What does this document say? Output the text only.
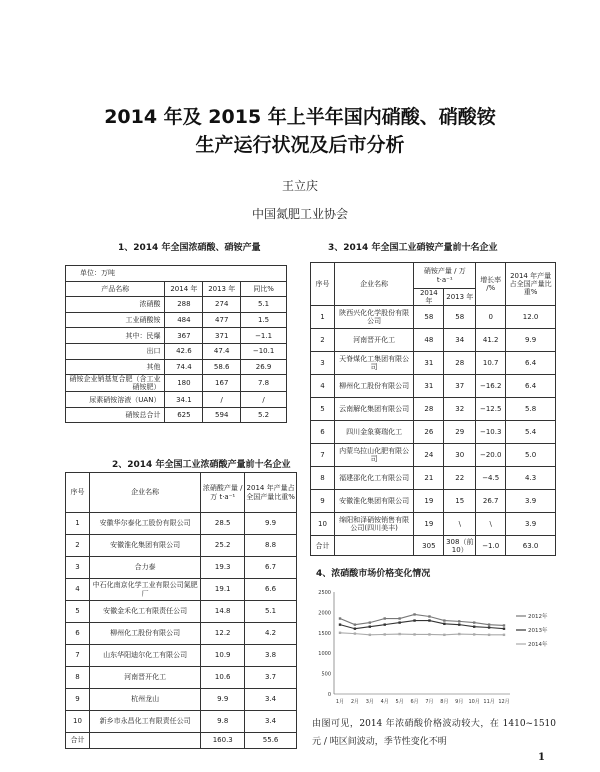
2014 年及 2015 年上半年国内硝酸、硝酸铵
生产运行状况及后市分析
王立庆
中国氮肥工业协会
1、2014 年全国浓硝酸、硝铵产量
单位：万吨			
产品名称	2014 年	2013 年	同比%
浓硝酸	288	274	5.1
工业硝酸铵	484	477	1.5
其中：民爆	367	371	−1.1
出口	42.6	47.4	−10.1
其他	74.4	58.6	26.9
硝铵企业销基复合肥（含工业硝铵肥）	180	167	7.8
尿素硝铵溶液（UAN）	34.1	/	/
硝铵总合计	625	594	5.2
2、2014 年全国工业浓硝酸产量前十名企业
序号	企业名称	浓硝酸产量 / 万 t·a⁻¹	2014 年产量占全国产量比重%
1	安徽华尔泰化工股份有限公司	28.5	9.9
2	安徽淮化集团有限公司	25.2	8.8
3	合力泰	19.3	6.7
4	中石化南京化学工业有限公司氮肥厂	19.1	6.6
5	安徽金禾化工有限责任公司	14.8	5.1
6	柳州化工股份有限公司	12.2	4.2
7	山东华阳迪尔化工有限公司	10.9	3.8
8	河南晋开化工	10.6	3.7
9	杭州龙山	9.9	3.4
10	新乡市永昌化工有限责任公司	9.8	3.4
合计		160.3	55.6
3、2014 年全国工业硝铵产量前十名企业
序号	企业名称	硝铵产量 / 万 t·a⁻¹		增长率 /%	2014 年产量占全国产量比重%
		2014 年	2013 年		
1	陕西兴化化学股份有限公司	58	58	0	12.0
2	河南晋开化工	48	34	41.2	9.9
3	天脊煤化工集团有限公司	31	28	10.7	6.4
4	柳州化工股份有限公司	31	37	−16.2	6.4
5	云南解化集团有限公司	28	32	−12.5	5.8
6	四川金象赛瑞化工	26	29	−10.3	5.4
7	内蒙乌拉山化肥有限公司	24	30	−20.0	5.0
8	福建邵化化工有限公司	21	22	−4.5	4.3
9	安徽淮化集团有限公司	19	15	26.7	3.9
10	绵阳和泽硝铵销售有限公司(四川美丰)	19	\	\	3.9
合计		305	308（前 10）	−1.0	63.0
4、浓硝酸市场价格变化情况
0
500
1000
1500
2000
2500
1月 2月 3月 4月 5月 6月 7月 8月 9月 10月 11月 12月
2012年
2013年
2014年
由图可见，2014 年浓硝酸价格波动较大，在 1410~1510 元 / 吨区间波动，季节性变化不明
1
